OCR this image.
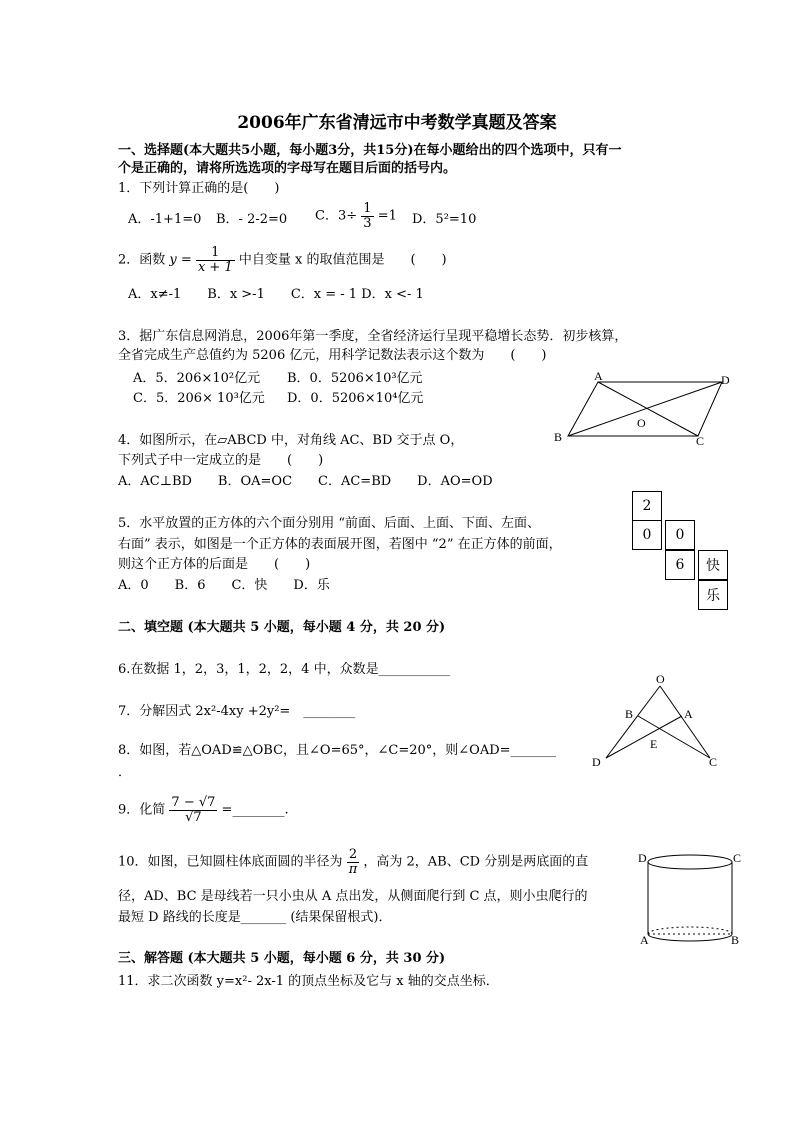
2006年广东省清远市中考数学真题及答案
一、选择题(本大题共5小题，每小题3分，共15分)在每小题给出的四个选项中，只有一
个是正确的，请将所选选项的字母写在题目后面的括号内。
1．下列计算正确的是(　　)
A．-1+1=0 B．- 2-2=0 C．$3\div \frac{1}{3} =1$ D．5²=10
2．函数 $y = \frac{1}{x + 1}$ 中自变量 x 的取值范围是　　(　　)
A．x≠-1　　B．x >-1　　C．x = - 1 D．x <- 1
3．据广东信息网消息，2006年第一季度，全省经济运行呈现平稳增长态势．初步核算，
全省完成生产总值约为 5206 亿元，用科学记数法表示这个数为　　(　　)
A．5．206×10²亿元 B．0．5206×10³亿元
C．5．206× 10³亿元 D．0．5206×10⁴亿元
A	D
B	C
O
4．如图所示，在▱ABCD 中，对角线 AC、BD 交于点 O，
下列式子中一定成立的是　　(　　)
A．AC⊥BD　　B．OA=OC　　C．AC=BD　　D．AO=OD
2
0	0
6	快
乐
5．水平放置的正方体的六个面分别用 “前面、后面、上面、下面、左面、
右面” 表示，如图是一个正方体的表面展开图，若图中 “2” 在正方体的前面，
则这个正方体的后面是　　(　　)
A．0　　B．6　　C．快　　D．乐
二、填空题 (本大题共 5 小题，每小题 4 分，共 20 分)
6.在数据 1，2，3，1，2，2，4 中，众数是___________
7．分解因式 2x²-4xy +2y²=　________
O
B	A
E
D	C
8．如图，若△OAD≌△OBC，且∠O=65°，∠C=20°，则∠OAD=_______
．
9．化简 $\frac{7 - √7}{√7}$ =________.
10．如图，已知圆柱体底面圆的半径为 $\frac{2}{\pi}$ ，高为 2，AB、CD 分别是两底面的直
径，AD、BC 是母线若一只小虫从 A 点出发，从侧面爬行到 C 点，则小虫爬行的
最短 D 路线的长度是_______ (结果保留根式)．
D	C
A	B
三、解答题 (本大题共 5 小题，每小题 6 分，共 30 分)
11．求二次函数 y=x²- 2x-1 的顶点坐标及它与 x 轴的交点坐标．
